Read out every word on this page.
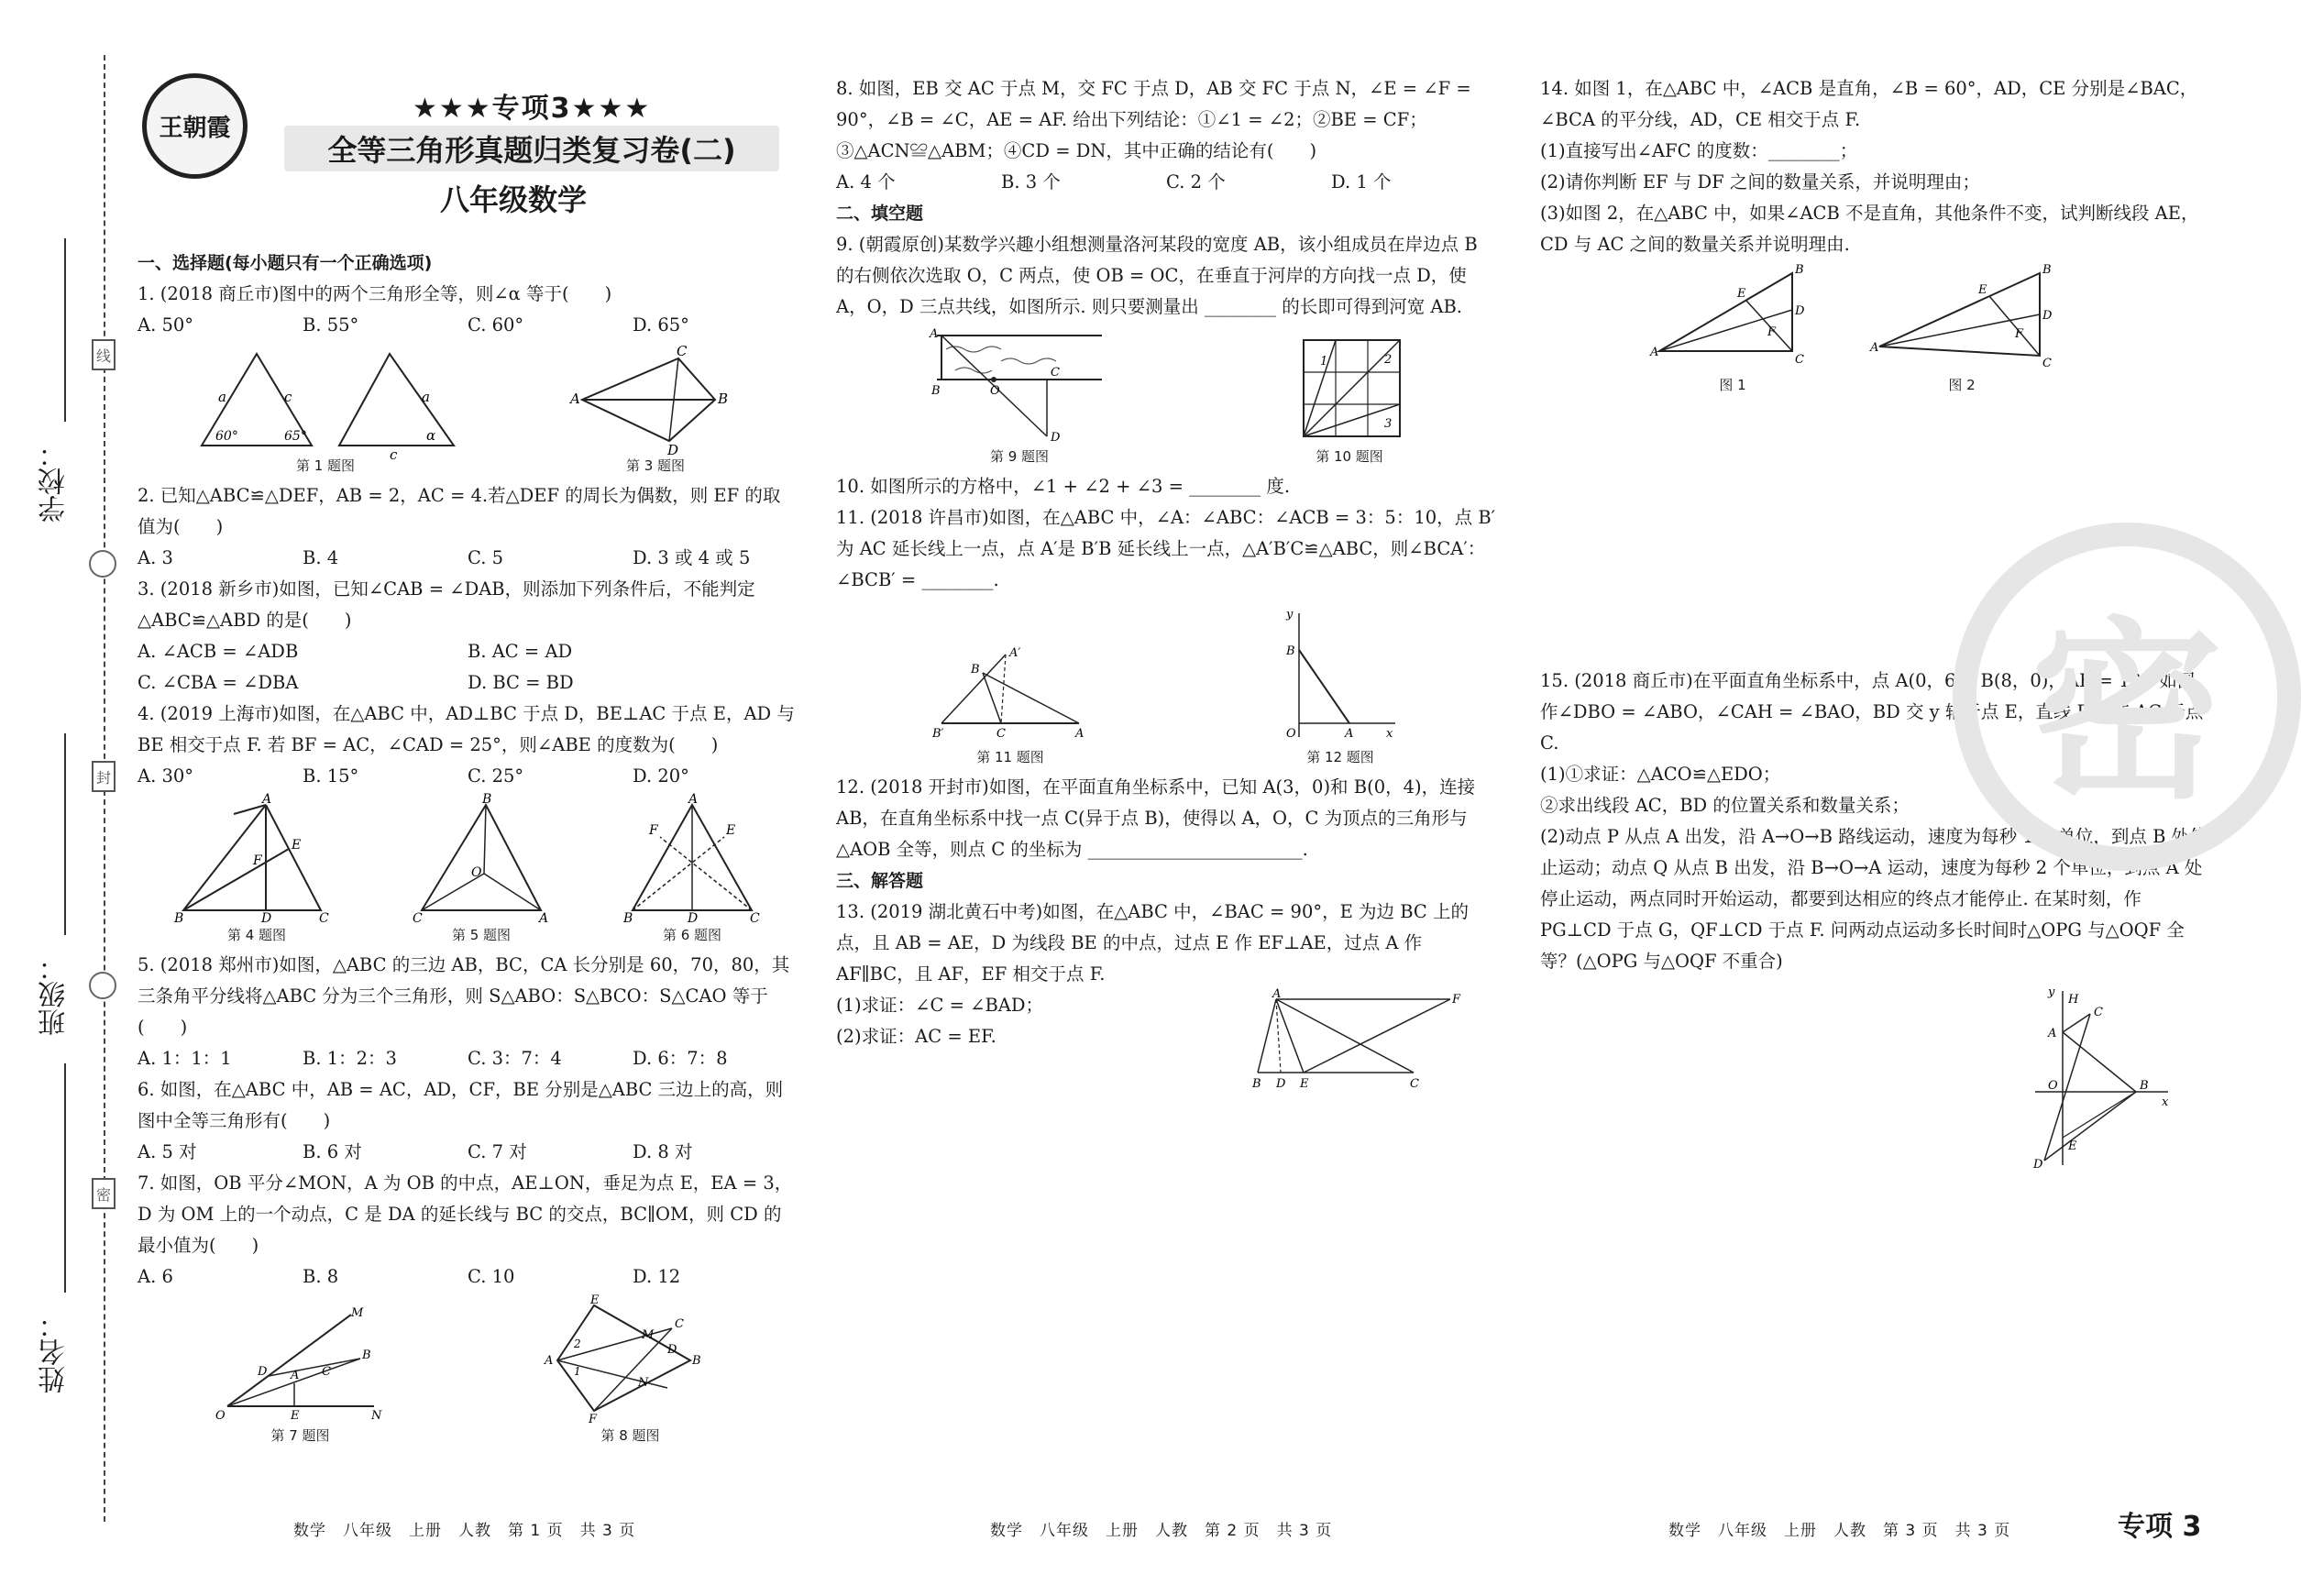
学校：
班级：
姓名：
线
封
密
王朝霞
★★★专项3★★★
全等三角形真题归类复习卷(二)
八年级数学
一、选择题(每小题只有一个正确选项)
1. (2018 商丘市)图中的两个三角形全等，则∠α 等于(　　)
A. 50°	B. 55°	C. 60°	D. 65°
a	c
60°	65°
a
α
c
第 1 题图
A
C
B
D
第 3 题图
2. 已知△ABC≌△DEF，AB = 2，AC = 4.若△DEF 的周长为偶数，则 EF 的取值为(　　)
A. 3	B. 4	C. 5	D. 3 或 4 或 5
3. (2018 新乡市)如图，已知∠CAB = ∠DAB，则添加下列条件后，不能判定△ABC≌△ABD 的是(　　)
A. ∠ACB = ∠ADB	B. AC = AD
C. ∠CBA = ∠DBA	D. BC = BD
4. (2019 上海市)如图，在△ABC 中，AD⊥BC 于点 D，BE⊥AC 于点 E，AD 与 BE 相交于点 F. 若 BF = AC，∠CAD = 25°，则∠ABE 的度数为(　　)
A. 30°	B. 15°	C. 25°	D. 20°
A
B	D	C
E
F
第 4 题图
B
C	A
O
第 5 题图
A
B	D	C
F	E
第 6 题图
5. (2018 郑州市)如图，△ABC 的三边 AB，BC，CA 长分别是 60，70，80，其三条角平分线将△ABC 分为三个三角形，则 S△ABO：S△BCO：S△CAO 等于(　　)
A. 1：1：1	B. 1：2：3	C. 3：7：4	D. 6：7：8
6. 如图，在△ABC 中，AB = AC，AD，CF，BE 分别是△ABC 三边上的高，则图中全等三角形有(　　)
A. 5 对	B. 6 对	C. 7 对	D. 8 对
7. 如图，OB 平分∠MON，A 为 OB 的中点，AE⊥ON，垂足为点 E，EA = 3，D 为 OM 上的一个动点，C 是 DA 的延长线与 BC 的交点，BC∥OM，则 CD 的最小值为(　　)
A. 6	B. 8	C. 10	D. 12
M
O	E	N
B
A
D	C
第 7 题图
E
A
F
B
C
M
N
D
2
1
第 8 题图
8. 如图，EB 交 AC 于点 M，交 FC 于点 D，AB 交 FC 于点 N，∠E = ∠F = 90°，∠B = ∠C，AE = AF. 给出下列结论：①∠1 = ∠2；②BE = CF；③△ACN≌△ABM；④CD = DN，其中正确的结论有(　　)
A. 4 个	B. 3 个	C. 2 个	D. 1 个
二、填空题
9. (朝霞原创)某数学兴趣小组想测量洛河某段的宽度 AB，该小组成员在岸边点 B 的右侧依次选取 O，C 两点，使 OB = OC，在垂直于河岸的方向找一点 D，使 A，O，D 三点共线，如图所示. 则只要测量出 ________ 的长即可得到河宽 AB.
A
B	O
C
D
第 9 题图
1	2
3
第 10 题图
10. 如图所示的方格中，∠1 + ∠2 + ∠3 = ________ 度.
11. (2018 许昌市)如图，在△ABC 中，∠A：∠ABC：∠ACB = 3：5：10，点 B′为 AC 延长线上一点，点 A′是 B′B 延长线上一点，△A′B′C≌△ABC，则∠BCA′：∠BCB′ = ________.
B′	C	A
B
A′
第 11 题图
y
B
O	A	x
第 12 题图
12. (2018 开封市)如图，在平面直角坐标系中，已知 A(3，0)和 B(0，4)，连接 AB，在直角坐标系中找一点 C(异于点 B)，使得以 A，O，C 为顶点的三角形与△AOB 全等，则点 C 的坐标为 ________________________.
三、解答题
13. (2019 湖北黄石中考)如图，在△ABC 中，∠BAC = 90°，E 为边 BC 上的点，且 AB = AE，D 为线段 BE 的中点，过点 E 作 EF⊥AE，过点 A 作 AF∥BC，且 AF，EF 相交于点 F.
(1)求证：∠C = ∠BAD；
(2)求证：AC = EF.
A	F
B D E	C
14. 如图 1，在△ABC 中，∠ACB 是直角，∠B = 60°，AD，CE 分别是∠BAC，∠BCA 的平分线，AD，CE 相交于点 F.
(1)直接写出∠AFC 的度数：________；
(2)请你判断 EF 与 DF 之间的数量关系，并说明理由；
(3)如图 2，在△ABC 中，如果∠ACB 不是直角，其他条件不变，试判断线段 AE，CD 与 AC 之间的数量关系并说明理由.
A
B
C
D
E
F
图 1
A
B
C
D
E
F
图 2
15. (2018 商丘市)在平面直角坐标系中，点 A(0，6)，B(8，0)，AB = 10，如图作∠DBO = ∠ABO，∠CAH = ∠BAO，BD 交 y 轴于点 E，直线 DO 交 AC 于点 C.
(1)①求证：△ACO≌△EDO；
②求出线段 AC，BD 的位置关系和数量关系；
(2)动点 P 从点 A 出发，沿 A→O→B 路线运动，速度为每秒 1 个单位，到点 B 处停止运动；动点 Q 从点 B 出发，沿 B→O→A 运动，速度为每秒 2 个单位，到点 A 处停止运动，两点同时开始运动，都要到达相应的终点才能停止. 在某时刻，作 PG⊥CD 于点 G，QF⊥CD 于点 F. 问两动点运动多长时间时△OPG 与△OQF 全等？(△OPG 与△OQF 不重合)
y
H
C
A
O	B
x
E
D
密
数学　八年级　上册　人教　第 1 页　共 3 页	数学　八年级　上册　人教　第 2 页　共 3 页	数学　八年级　上册　人教　第 3 页　共 3 页	专项 3
